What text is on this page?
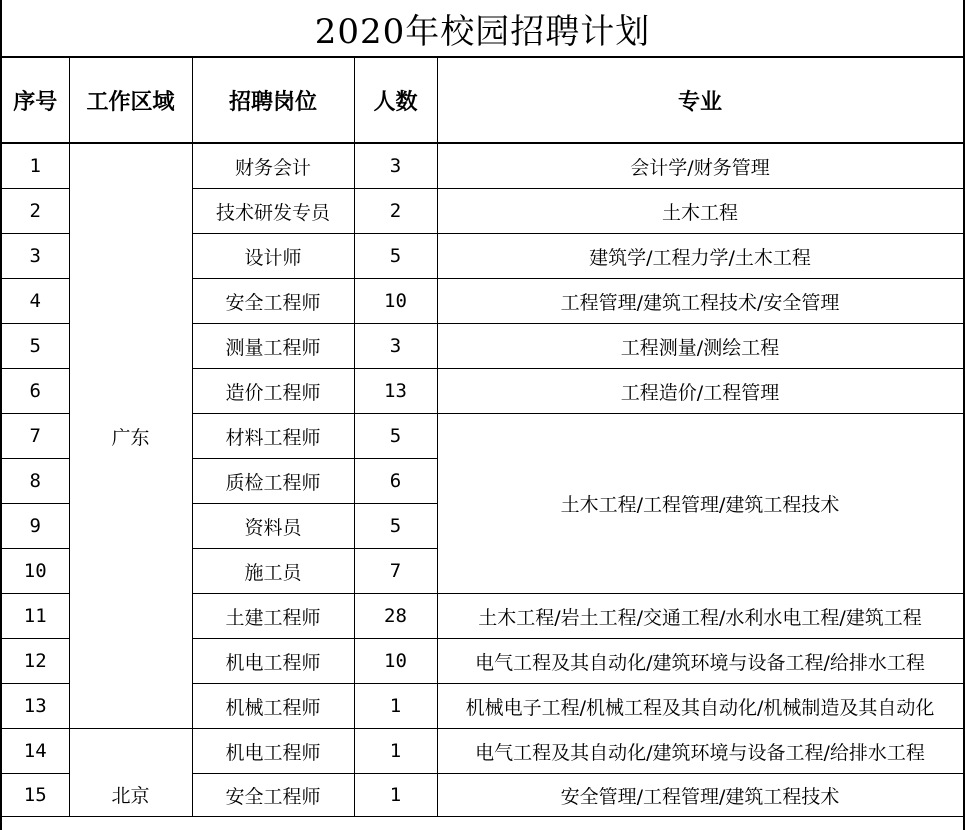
2020年校园招聘计划
序号	工作区域	招聘岗位	人数	专业
1	广东	财务会计	3	会计学/财务管理
2		技术研发专员	2	土木工程
3		设计师	5	建筑学/工程力学/土木工程
4		安全工程师	10	工程管理/建筑工程技术/安全管理
5		测量工程师	3	工程测量/测绘工程
6		造价工程师	13	工程造价/工程管理
7		材料工程师	5	土木工程/工程管理/建筑工程技术
8		质检工程师	6	
9		资料员	5	
10		施工员	7	
11		土建工程师	28	土木工程/岩土工程/交通工程/水利水电工程/建筑工程
12		机电工程师	10	电气工程及其自动化/建筑环境与设备工程/给排水工程
13		机械工程师	1	机械电子工程/机械工程及其自动化/机械制造及其自动化
14	北京	机电工程师	1	电气工程及其自动化/建筑环境与设备工程/给排水工程
15		安全工程师	1	安全管理/工程管理/建筑工程技术
